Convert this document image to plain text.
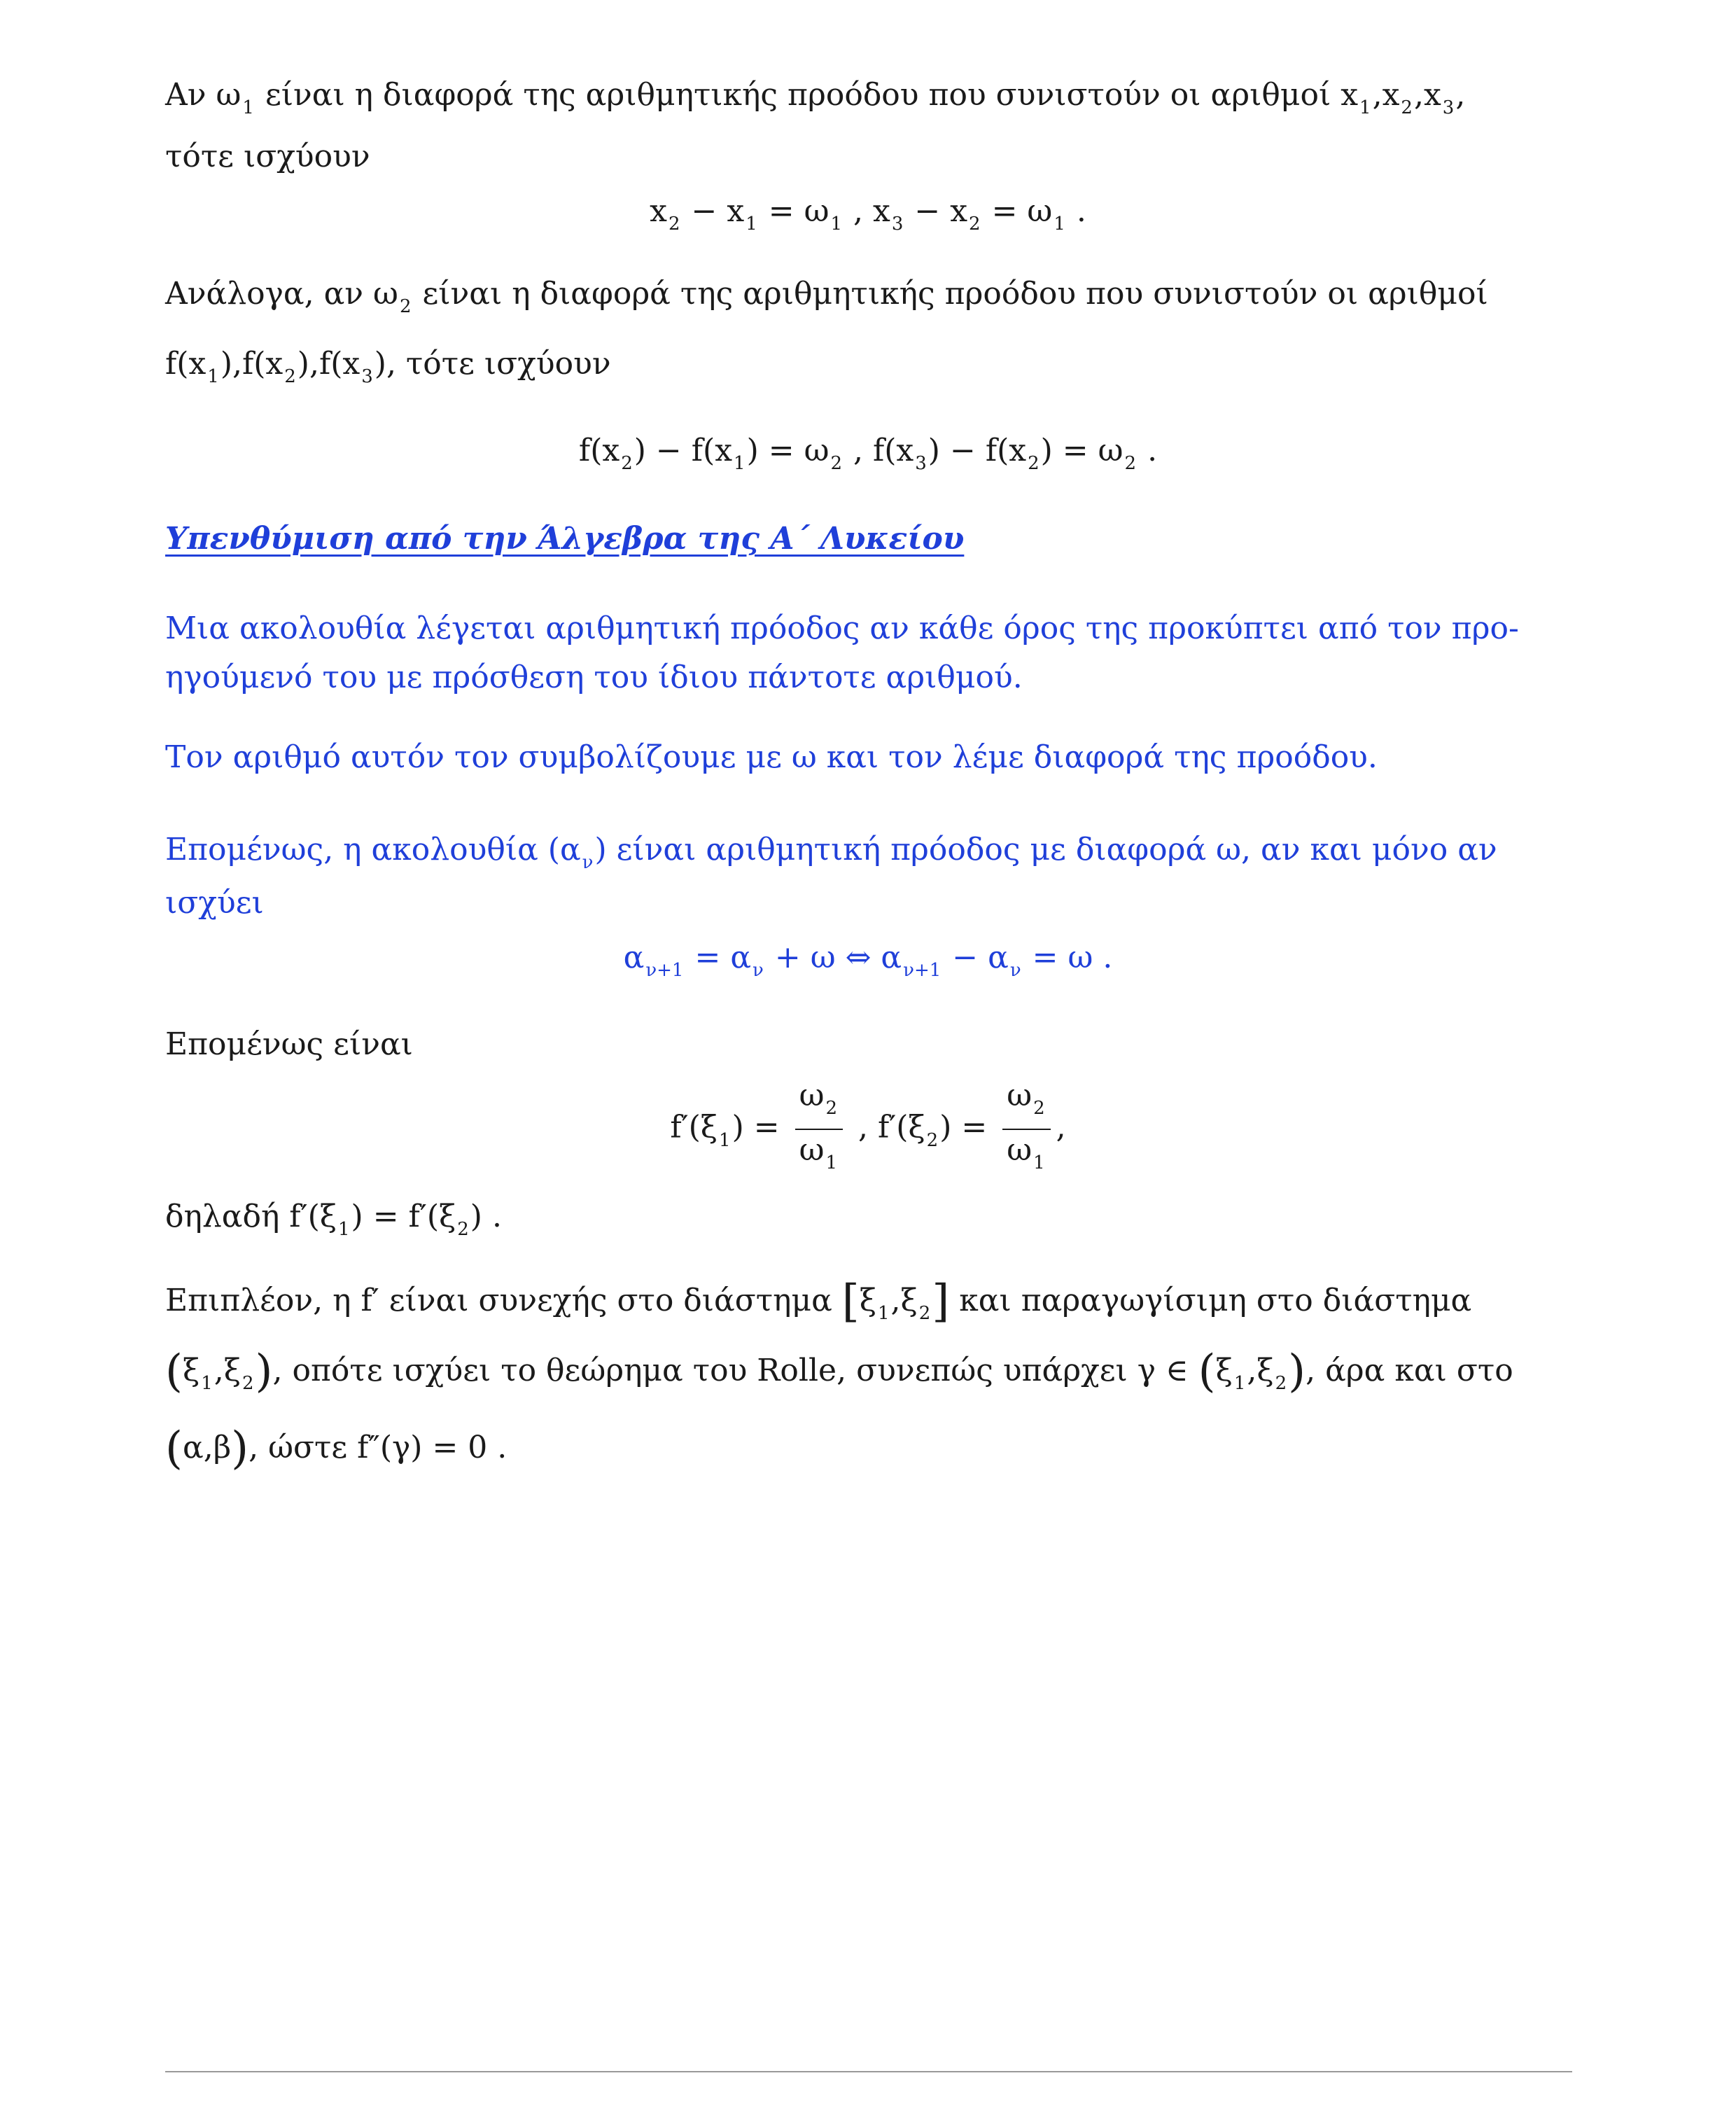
Αν $\omega_1$ είναι η διαφορά της αριθμητικής προόδου που συνιστούν οι αριθμοί $x_1,x_2,x_3$,
τότε ισχύουν
$x_2 - x_1 = \omega_1$ , $x_3 - x_2 = \omega_1$ .
Ανάλογα, αν $\omega_2$ είναι η διαφορά της αριθμητικής προόδου που συνιστούν οι αριθμοί
$f(x_1),f(x_2),f(x_3)$, τότε ισχύουν
$f(x_2) - f(x_1) = \omega_2$ , $f(x_3) - f(x_2) = \omega_2$ .
Υπενθύμιση από την Άλγεβρα της Α΄ Λυκείου
Μια ακολουθία λέγεται αριθμητική πρόοδος αν κάθε όρος της προκύπτει από τον προ-
ηγούμενό του με πρόσθεση του ίδιου πάντοτε αριθμού.
Τον αριθμό αυτόν τον συμβολίζουμε με ω και τον λέμε διαφορά της προόδου.
Επομένως, η ακολουθία $(\alpha_\nu)$ είναι αριθμητική πρόοδος με διαφορά ω, αν και μόνο αν
ισχύει
$\alpha_{\nu+1} = \alpha_\nu + \omega$ ⇔ $\alpha_{\nu+1} - \alpha_\nu = \omega$ .
Επομένως είναι
$f'(\xi_1) = \frac{\omega_2}{\omega_1}$ , $f'(\xi_2) = \frac{\omega_2}{\omega_1}$ ,
δηλαδή $f'(\xi_1) = f'(\xi_2)$ .
Επιπλέον, η f′ είναι συνεχής στο διάστημα $[\xi_1,\xi_2]$ και παραγωγίσιμη στο διάστημα
$(\xi_1,\xi_2)$, οπότε ισχύει το θεώρημα του Rolle, συνεπώς υπάρχει γ ∈ $(\xi_1,\xi_2)$, άρα και στο
(α,β), ώστε f″(γ) = 0 .
